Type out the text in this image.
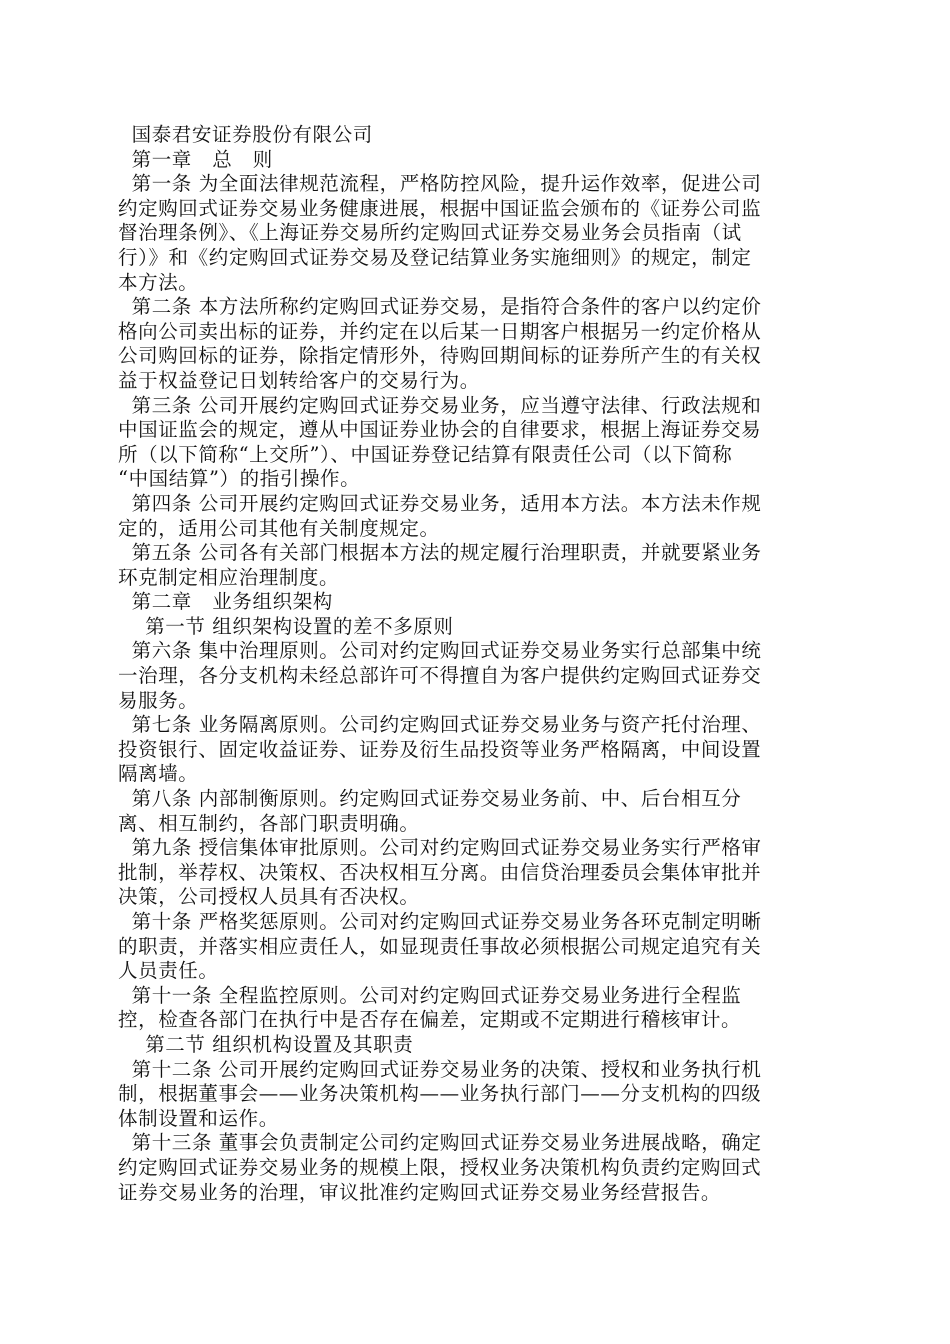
国泰君安证券股份有限公司
第一章   总   则
第一条 为全面法律规范流程，严格防控风险，提升运作效率，促进公司
约定购回式证券交易业务健康进展，根据中国证监会颁布的《证券公司监
督治理条例》、《上海证券交易所约定购回式证券交易业务会员指南（试
行）》和《约定购回式证券交易及登记结算业务实施细则》的规定，制定
本方法。
第二条 本方法所称约定购回式证券交易，是指符合条件的客户以约定价
格向公司卖出标的证券，并约定在以后某一日期客户根据另一约定价格从
公司购回标的证券，除指定情形外，待购回期间标的证券所产生的有关权
益于权益登记日划转给客户的交易行为。
第三条 公司开展约定购回式证券交易业务，应当遵守法律、行政法规和
中国证监会的规定，遵从中国证券业协会的自律要求，根据上海证券交易
所（以下简称“上交所”）、中国证券登记结算有限责任公司（以下简称
“中国结算”）的指引操作。
第四条 公司开展约定购回式证券交易业务，适用本方法。本方法未作规
定的，适用公司其他有关制度规定。
第五条 公司各有关部门根据本方法的规定履行治理职责，并就要紧业务
环克制定相应治理制度。
第二章   业务组织架构
第一节 组织架构设置的差不多原则
第六条 集中治理原则。公司对约定购回式证券交易业务实行总部集中统
一治理，各分支机构未经总部许可不得擅自为客户提供约定购回式证券交
易服务。
第七条 业务隔离原则。公司约定购回式证券交易业务与资产托付治理、
投资银行、固定收益证券、证券及衍生品投资等业务严格隔离，中间设置
隔离墙。
第八条 内部制衡原则。约定购回式证券交易业务前、中、后台相互分
离、相互制约，各部门职责明确。
第九条 授信集体审批原则。公司对约定购回式证券交易业务实行严格审
批制，举荐权、决策权、否决权相互分离。由信贷治理委员会集体审批并
决策，公司授权人员具有否决权。
第十条 严格奖惩原则。公司对约定购回式证券交易业务各环克制定明晰
的职责，并落实相应责任人，如显现责任事故必须根据公司规定追究有关
人员责任。
第十一条 全程监控原则。公司对约定购回式证券交易业务进行全程监
控，检查各部门在执行中是否存在偏差，定期或不定期进行稽核审计。
第二节 组织机构设置及其职责
第十二条 公司开展约定购回式证券交易业务的决策、授权和业务执行机
制，根据董事会——业务决策机构——业务执行部门——分支机构的四级
体制设置和运作。
第十三条 董事会负责制定公司约定购回式证券交易业务进展战略，确定
约定购回式证券交易业务的规模上限，授权业务决策机构负责约定购回式
证券交易业务的治理，审议批准约定购回式证券交易业务经营报告。
